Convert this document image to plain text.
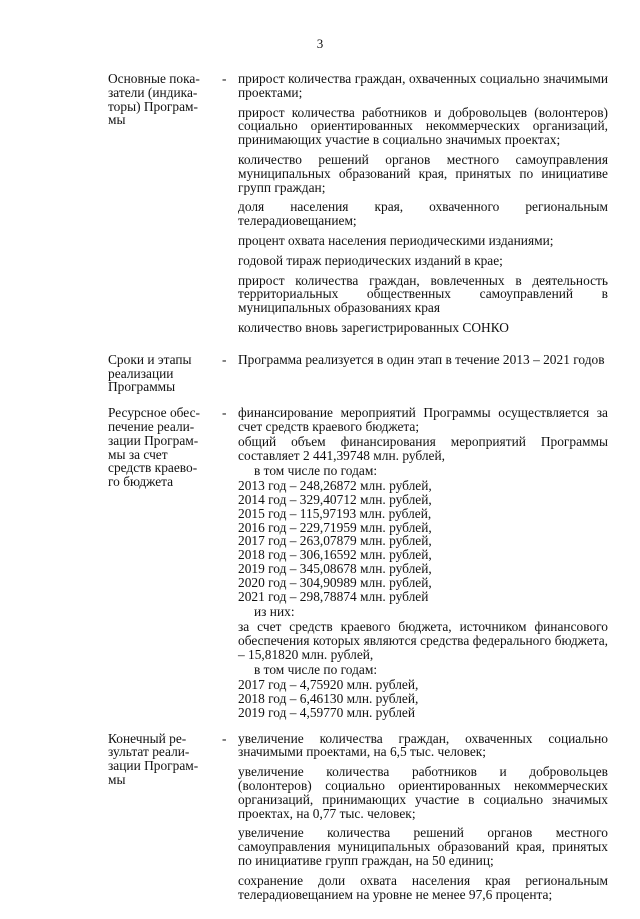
3
Основные пока-
затели (индика-
торы) Програм-
мы
- прирост количества граждан, охваченных социально значимыми проектами;

прирост количества работников и добровольцев (волонтеров) социально ориентированных некоммерческих организаций, принимающих участие в социально значимых проектах;

количество решений органов местного самоуправления муниципальных образований края, принятых по инициативе групп граждан;

доля населения края, охваченного региональным телерадиовещанием;

процент охвата населения периодическими изданиями;

годовой тираж периодических изданий в крае;

прирост количества граждан, вовлеченных в деятельность территориальных общественных самоуправлений в муниципальных образованиях края

количество вновь зарегистрированных СОНКО

Сроки и этапы
реализации
Программы
- Программа реализуется в один этап в течение 2013 – 2021 годов

Ресурсное обес-
печение реали-
зации Програм-
мы за счет
средств краево-
го бюджета
- финансирование мероприятий Программы осуществляется за счет средств краевого бюджета;

общий объем финансирования мероприятий Программы составляет 2 441,39748 млн. рублей,

в том числе по годам:
2013 год – 248,26872 млн. рублей,
2014 год – 329,40712 млн. рублей,
2015 год – 115,97193 млн. рублей,
2016 год – 229,71959 млн. рублей,
2017 год – 263,07879 млн. рублей,
2018 год – 306,16592 млн. рублей,
2019 год – 345,08678 млн. рублей,
2020 год – 304,90989 млн. рублей,
2021 год – 298,78874 млн. рублей
из них:

за счет средств краевого бюджета, источником финансового обеспечения которых являются средства федерального бюджета, – 15,81820 млн. рублей,

в том числе по годам:
2017 год – 4,75920 млн. рублей,
2018 год – 6,46130 млн. рублей,
2019 год – 4,59770 млн. рублей
Конечный ре-
зультат реали-
зации Програм-
мы
- увеличение количества граждан, охваченных социально значимыми проектами, на 6,5 тыс. человек;

увеличение количества работников и добровольцев (волонтеров) социально ориентированных некоммерческих организаций, принимающих участие в социально значимых проектах, на 0,77 тыс. человек;

увеличение количества решений органов местного самоуправления муниципальных образований края, принятых по инициативе групп граждан, на 50 единиц;

сохранение доли охвата населения края региональным телерадиовещанием на уровне не менее 97,6 процента;
